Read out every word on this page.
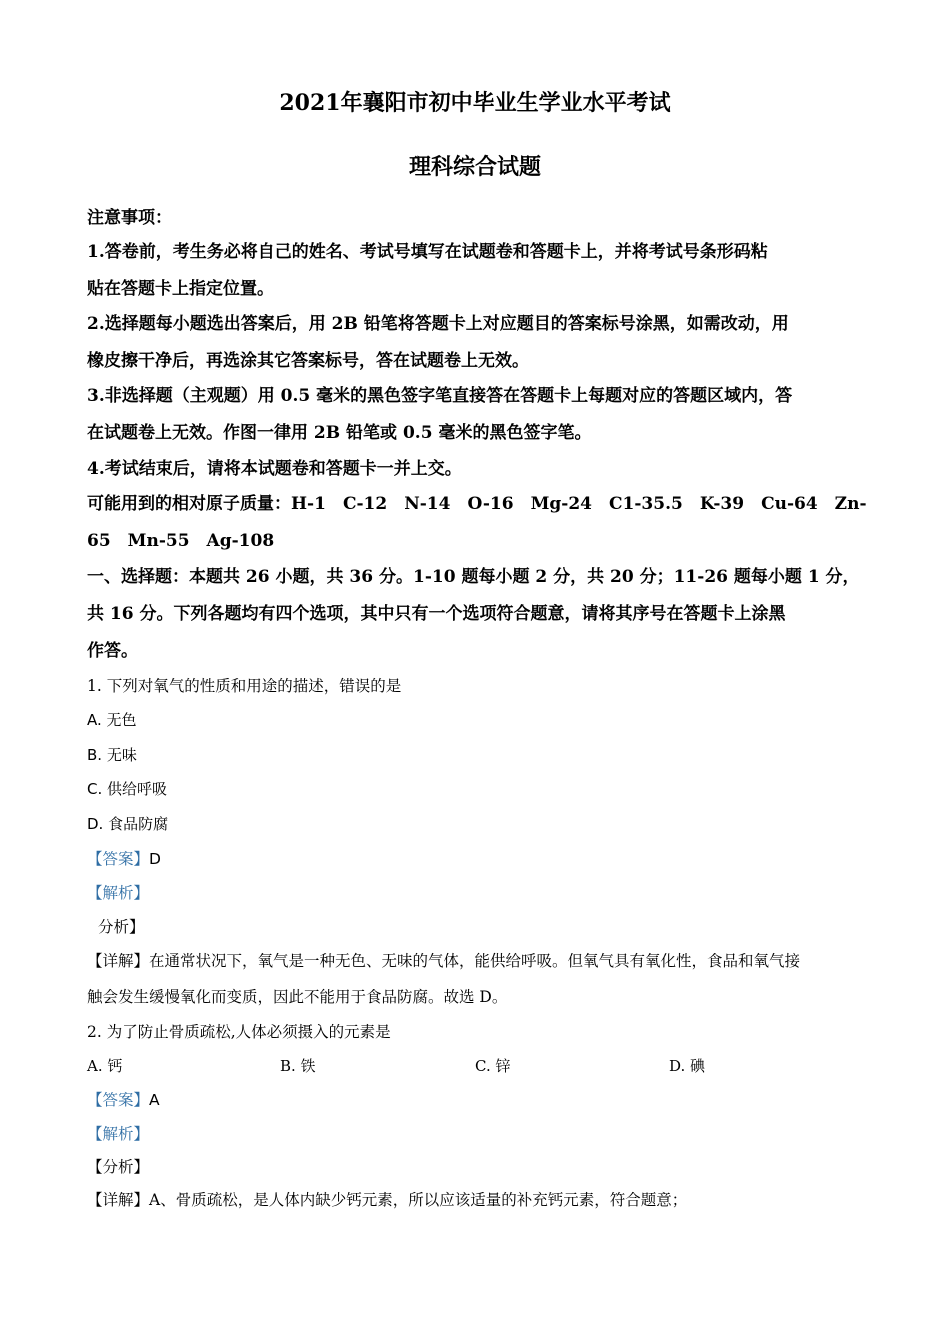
2021年襄阳市初中毕业生学业水平考试
理科综合试题
注意事项：
1.答卷前，考生务必将自己的姓名、考试号填写在试题卷和答题卡上，并将考试号条形码粘
贴在答题卡上指定位置。
2.选择题每小题选出答案后，用 2B 铅笔将答题卡上对应题目的答案标号涂黑，如需改动，用
橡皮擦干净后，再选涂其它答案标号，答在试题卷上无效。
3.非选择题（主观题）用 0.5 毫米的黑色签字笔直接答在答题卡上每题对应的答题区域内，答
在试题卷上无效。作图一律用 2B 铅笔或 0.5 毫米的黑色签字笔。
4.考试结束后，请将本试题卷和答题卡一并上交。
可能用到的相对原子质量：H-1　C-12　N-14　O-16　Mg-24　C1-35.5　K-39　Cu-64　Zn-
65　Mn-55　Ag-108
一、选择题：本题共 26 小题，共 36 分。1-10 题每小题 2 分，共 20 分；11-26 题每小题 1 分，
共 16 分。下列各题均有四个选项，其中只有一个选项符合题意，请将其序号在答题卡上涂黑
作答。
1. 下列对氧气的性质和用途的描述，错误的是
A. 无色
B. 无味
C. 供给呼吸
D. 食品防腐
【答案】D
【解析】
分析】
【详解】在通常状况下，氧气是一种无色、无味的气体，能供给呼吸。但氧气具有氧化性，食品和氧气接
触会发生缓慢氧化而变质，因此不能用于食品防腐。故选 D。
2. 为了防止骨质疏松,人体必须摄入的元素是
A. 钙	B. 铁	C. 锌	D. 碘
【答案】A
【解析】
【分析】
【详解】A、骨质疏松，是人体内缺少钙元素，所以应该适量的补充钙元素，符合题意；
